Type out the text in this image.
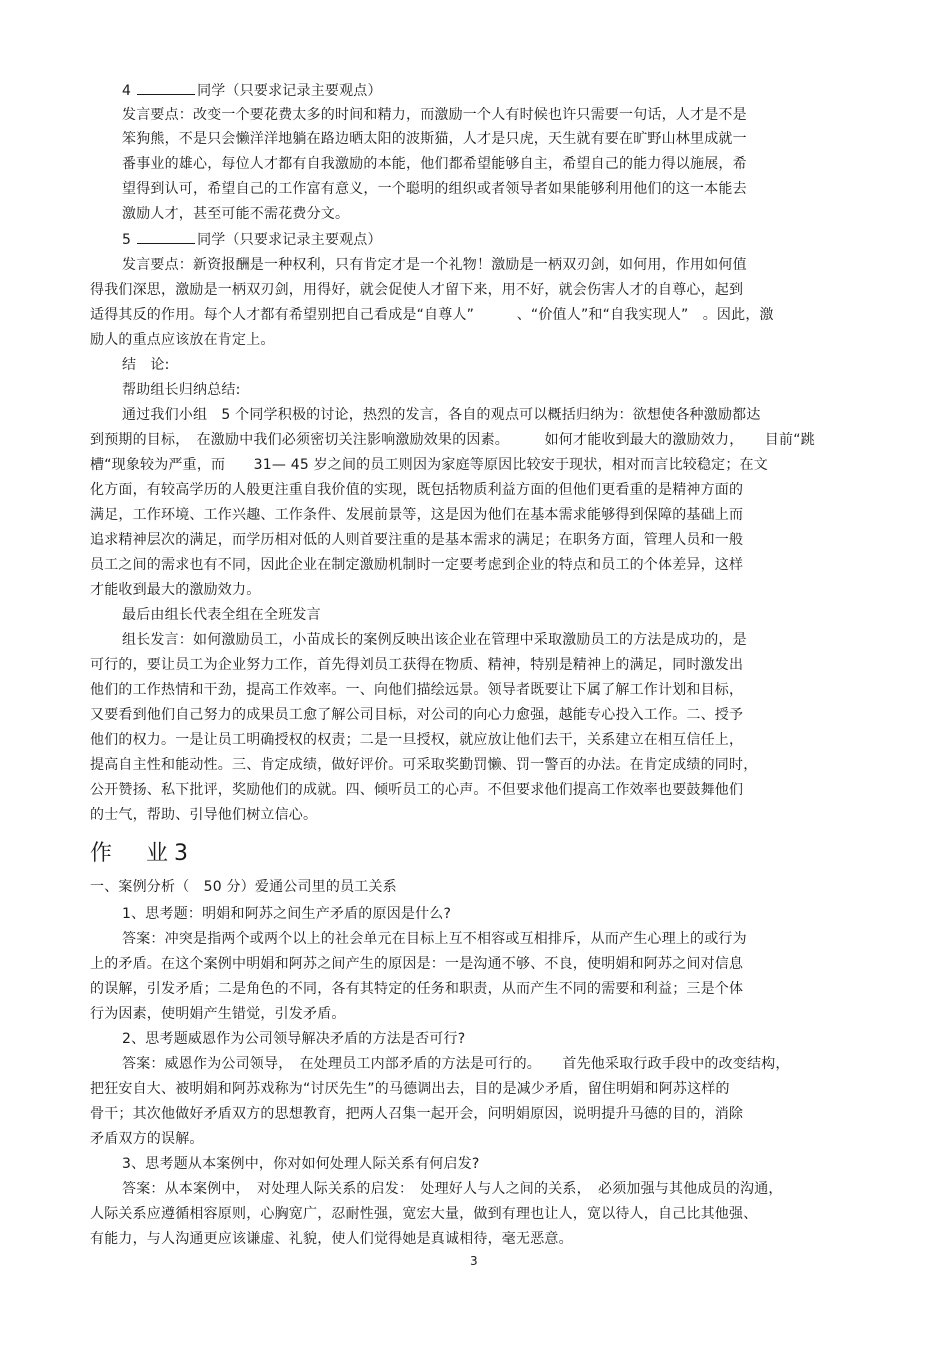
4	同学（只要求记录主要观点）
发言要点：改变一个要花费太多的时间和精力，而激励一个人有时候也许只需要一句话，人才是不是
笨狗熊，不是只会懒洋洋地躺在路边晒太阳的波斯猫，人才是只虎，天生就有要在旷野山林里成就一
番事业的雄心，每位人才都有自我激励的本能，他们都希望能够自主，希望自己的能力得以施展，希
望得到认可，希望自己的工作富有意义，一个聪明的组织或者领导者如果能够利用他们的这一本能去
激励人才，甚至可能不需花费分文。
5	同学（只要求记录主要观点）
发言要点：新资报酬是一种权利，只有肯定才是一个礼物！激励是一柄双刃剑，如何用，作用如何值
得我们深思，激励是一柄双刃剑，用得好，就会促使人才留下来，用不好，就会伤害人才的自尊心，起到
适得其反的作用。每个人才都有希望别把自己看成是“自尊人”　　　、“价值人”和“自我实现人”　。因此，激
励人的重点应该放在肯定上。
结　论:
帮助组长归纳总结:
通过我们小组　5 个同学积极的讨论，热烈的发言，各自的观点可以概括归纳为：欲想使各种激励都达
到预期的目标，　在激励中我们必须密切关注影响激励效果的因素。　　　如何才能收到最大的激励效力，　　目前“跳
槽“现象较为严重，而　　31— 45 岁之间的员工则因为家庭等原因比较安于现状，相对而言比较稳定；在文
化方面，有较高学历的人般更注重自我价值的实现，既包括物质利益方面的但他们更看重的是精神方面的
满足，工作环境、工作兴趣、工作条件、发展前景等，这是因为他们在基本需求能够得到保障的基础上而
追求精神层次的满足，而学历相对低的人则首要注重的是基本需求的满足；在职务方面，管理人员和一般
员工之间的需求也有不同，因此企业在制定激励机制时一定要考虑到企业的特点和员工的个体差异，这样
才能收到最大的激励效力。
最后由组长代表全组在全班发言
组长发言：如何激励员工，小苗成长的案例反映出该企业在管理中采取激励员工的方法是成功的，是
可行的，要让员工为企业努力工作，首先得刘员工获得在物质、精神，特别是精神上的满足，同时激发出
他们的工作热情和干劲，提高工作效率。一、向他们描绘远景。领导者既要让下属了解工作计划和目标，
又要看到他们自己努力的成果员工愈了解公司目标，对公司的向心力愈强，越能专心投入工作。二、授予
他们的权力。一是让员工明确授权的权责；二是一旦授权，就应放让他们去干，关系建立在相互信任上，
提高自主性和能动性。三、肯定成绩，做好评价。可采取奖勤罚懒、罚一警百的办法。在肯定成绩的同时，
公开赞扬、私下批评，奖励他们的成就。四、倾听员工的心声。不但要求他们提高工作效率也要鼓舞他们
的士气，帮助、引导他们树立信心。
作　业3
一、案例分析（　50 分）爱通公司里的员工关系
1、思考题：明娟和阿苏之间生产矛盾的原因是什么?
答案：冲突是指两个或两个以上的社会单元在目标上互不相容或互相排斥，从而产生心理上的或行为
上的矛盾。在这个案例中明娟和阿苏之间产生的原因是：一是沟通不够、不良，使明娟和阿苏之间对信息
的误解，引发矛盾；二是角色的不同，各有其特定的任务和职责，从而产生不同的需要和利益；三是个体
行为因素，使明娟产生错觉，引发矛盾。
2、思考题威恩作为公司领导解决矛盾的方法是否可行?
答案：威恩作为公司领导，　在处理员工内部矛盾的方法是可行的。　　首先他采取行政手段中的改变结构，
把狂安自大、被明娟和阿苏戏称为“讨厌先生”的马德调出去，目的是减少矛盾，留住明娟和阿苏这样的
骨干；其次他做好矛盾双方的思想教育，把两人召集一起开会，问明娟原因，说明提升马德的目的，消除
矛盾双方的误解。
3、思考题从本案例中，你对如何处理人际关系有何启发?
答案：从本案例中，　对处理人际关系的启发：　处理好人与人之间的关系，　必须加强与其他成员的沟通，
人际关系应遵循相容原则，心胸宽广，忍耐性强，宽宏大量，做到有理也让人，宽以待人，自己比其他强、
有能力，与人沟通更应该谦虚、礼貌，使人们觉得她是真诚相待，毫无恶意。
3
